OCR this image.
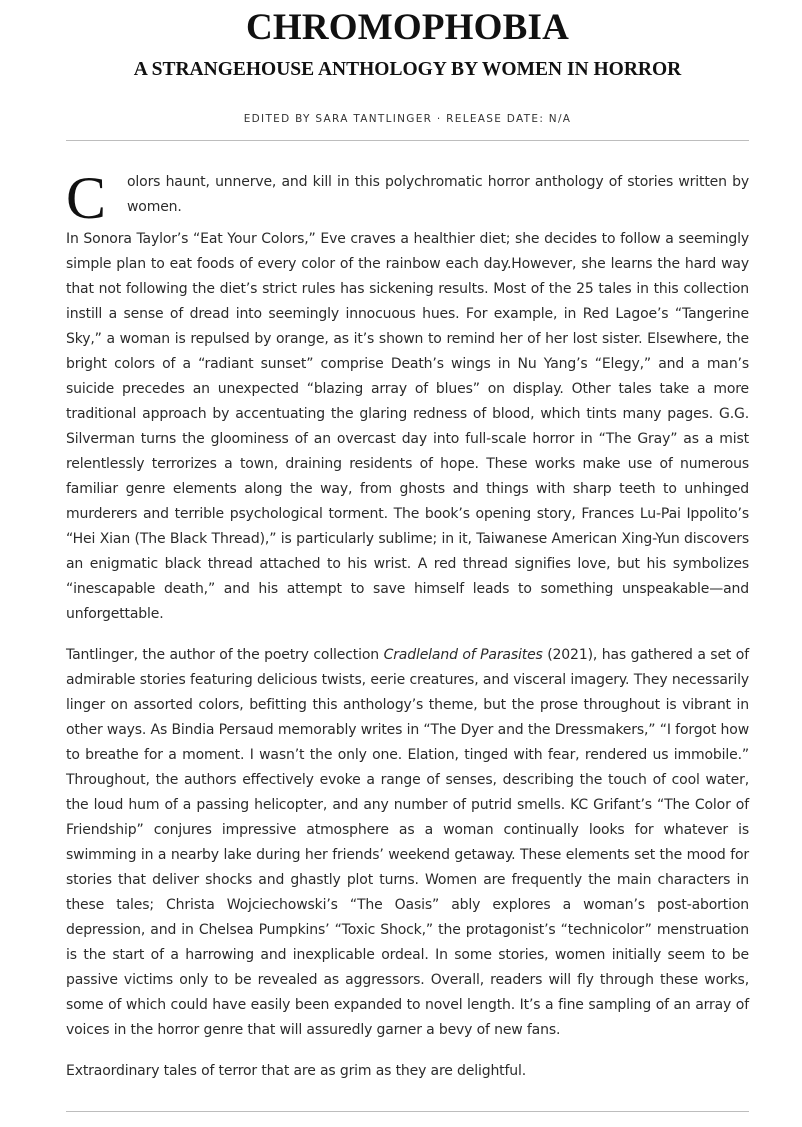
CHROMOPHOBIA
A STRANGEHOUSE ANTHOLOGY BY WOMEN IN HORROR
EDITED BY SARA TANTLINGER · RELEASE DATE: N/A

C olors haunt, unnerve, and kill in this polychromatic horror anthology of stories written by women.

In Sonora Taylor’s “Eat Your Colors,” Eve craves a healthier diet; she decides to follow a seemingly simple plan to eat foods of every color of the rainbow each day.However, she learns the hard way that not following the diet’s strict rules has sickening results. Most of the 25 tales in this collection instill a sense of dread into seemingly innocuous hues. For example, in Red Lagoe’s “Tangerine Sky,” a woman is repulsed by orange, as it’s shown to remind her of her lost sister. Elsewhere, the bright colors of a “radiant sunset” comprise Death’s wings in Nu Yang’s “Elegy,” and a man’s suicide precedes an unexpected “blazing array of blues” on display. Other tales take a more traditional approach by accentuating the glaring redness of blood, which tints many pages. G.G. Silverman turns the gloominess of an overcast day into full-scale horror in “The Gray” as a mist relentlessly terrorizes a town, draining residents of hope. These works make use of numerous familiar genre elements along the way, from ghosts and things with sharp teeth to unhinged murderers and terrible psychological torment. The book’s opening story, Frances Lu-Pai Ippolito’s “Hei Xian (The Black Thread),” is particularly sublime; in it, Taiwanese American Xing-Yun discovers an enigmatic black thread attached to his wrist. A red thread signifies love, but his symbolizes “inescapable death,” and his attempt to save himself leads to something unspeakable—and unforgettable.

Tantlinger, the author of the poetry collection Cradleland of Parasites (2021), has gathered a set of admirable stories featuring delicious twists, eerie creatures, and visceral imagery. They necessarily linger on assorted colors, befitting this anthology’s theme, but the prose throughout is vibrant in other ways. As Bindia Persaud memorably writes in “The Dyer and the Dressmakers,” “I forgot how to breathe for a moment. I wasn’t the only one. Elation, tinged with fear, rendered us immobile.” Throughout, the authors effectively evoke a range of senses, describing the touch of cool water, the loud hum of a passing helicopter, and any number of putrid smells. KC Grifant’s “The Color of Friendship” conjures impressive atmosphere as a woman continually looks for whatever is swimming in a nearby lake during her friends’ weekend getaway. These elements set the mood for stories that deliver shocks and ghastly plot turns. Women are frequently the main characters in these tales; Christa Wojciechowski’s “The Oasis” ably explores a woman’s post-abortion depression, and in Chelsea Pumpkins’ “Toxic Shock,” the protagonist’s “technicolor” menstruation is the start of a harrowing and inexplicable ordeal. In some stories, women initially seem to be passive victims only to be revealed as aggressors. Overall, readers will fly through these works, some of which could have easily been expanded to novel length. It’s a fine sampling of an array of voices in the horror genre that will assuredly garner a bevy of new fans.

Extraordinary tales of terror that are as grim as they are delightful.
